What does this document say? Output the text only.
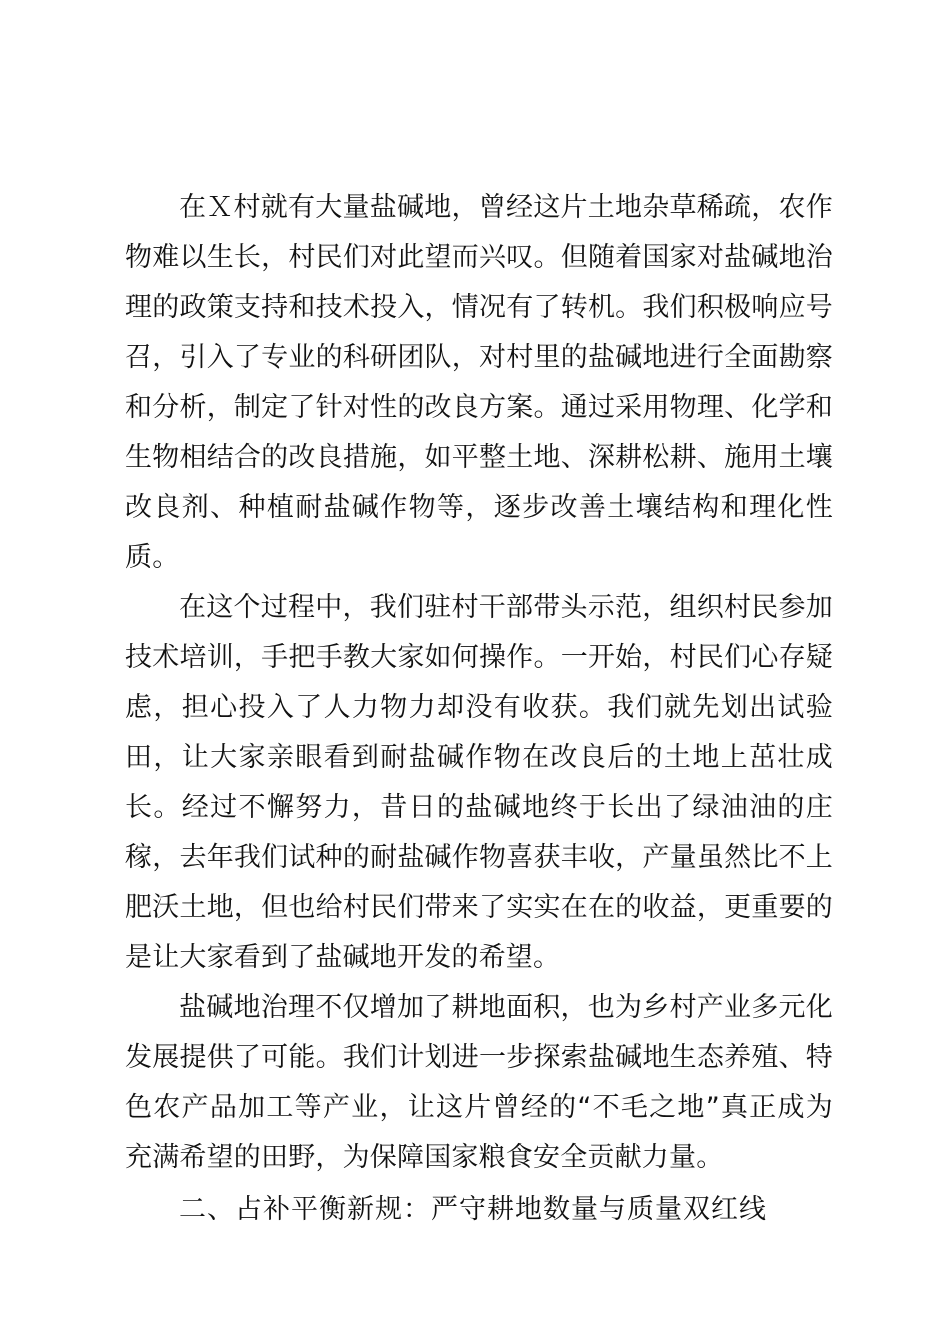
在Ｘ村就有大量盐碱地，曾经这片土地杂草稀疏，农作物难以生长，村民们对此望而兴叹。但随着国家对盐碱地治理的政策支持和技术投入，情况有了转机。我们积极响应号召，引入了专业的科研团队，对村里的盐碱地进行全面勘察和分析，制定了针对性的改良方案。通过采用物理、化学和生物相结合的改良措施，如平整土地、深耕松耕、施用土壤改良剂、种植耐盐碱作物等，逐步改善土壤结构和理化性质。

在这个过程中，我们驻村干部带头示范，组织村民参加技术培训，手把手教大家如何操作。一开始，村民们心存疑虑，担心投入了人力物力却没有收获。我们就先划出试验田，让大家亲眼看到耐盐碱作物在改良后的土地上茁壮成长。经过不懈努力，昔日的盐碱地终于长出了绿油油的庄稼，去年我们试种的耐盐碱作物喜获丰收，产量虽然比不上肥沃土地，但也给村民们带来了实实在在的收益，更重要的是让大家看到了盐碱地开发的希望。

盐碱地治理不仅增加了耕地面积，也为乡村产业多元化发展提供了可能。我们计划进一步探索盐碱地生态养殖、特色农产品加工等产业，让这片曾经的“不毛之地”真正成为充满希望的田野，为保障国家粮食安全贡献力量。

二、占补平衡新规：严守耕地数量与质量双红线
